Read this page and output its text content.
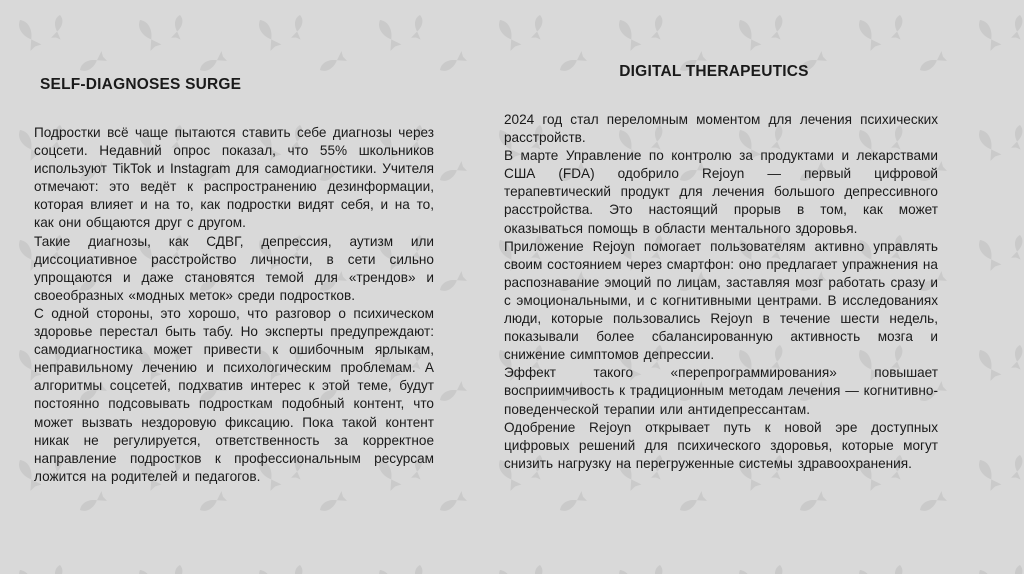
SELF-DIAGNOSES SURGE

Подростки всё чаще пытаются ставить себе диагнозы через соцсети. Недавний опрос показал, что 55% школьников используют TikTok и Instagram для самодиагностики. Учителя отмечают: это ведёт к распространению дезинформации, которая влияет и на то, как подростки видят себя, и на то, как они общаются друг с другом.

Такие диагнозы, как СДВГ, депрессия, аутизм или диссоциативное расстройство личности, в сети сильно упрощаются и даже становятся темой для «трендов» и своеобразных «модных меток» среди подростков.

С одной стороны, это хорошо, что разговор о психическом здоровье перестал быть табу. Но эксперты предупреждают: самодиагностика может привести к ошибочным ярлыкам, неправильному лечению и психологическим проблемам. А алгоритмы соцсетей, подхватив интерес к этой теме, будут постоянно подсовывать подросткам подобный контент, что может вызвать нездоровую фиксацию. Пока такой контент никак не регулируется, ответственность за корректное направление подростков к профессиональным ресурсам ложится на родителей и педагогов.

DIGITAL THERAPEUTICS

2024 год стал переломным моментом для лечения психических расстройств.

В марте Управление по контролю за продуктами и лекарствами США (FDA) одобрило Rejoyn — первый цифровой терапевтический продукт для лечения большого депрессивного расстройства. Это настоящий прорыв в том, как может оказываться помощь в области ментального здоровья.

Приложение Rejoyn помогает пользователям активно управлять своим состоянием через смартфон: оно предлагает упражнения на распознавание эмоций по лицам, заставляя мозг работать сразу и с эмоциональными, и с когнитивными центрами. В исследованиях люди, которые пользовались Rejoyn в течение шести недель, показывали более сбалансированную активность мозга и снижение симптомов депрессии.

Эффект такого «перепрограммирования» повышает восприимчивость к традиционным методам лечения — когнитивно-поведенческой терапии или антидепрессантам.

Одобрение Rejoyn открывает путь к новой эре доступных цифровых решений для психического здоровья, которые могут снизить нагрузку на перегруженные системы здравоохранения.
